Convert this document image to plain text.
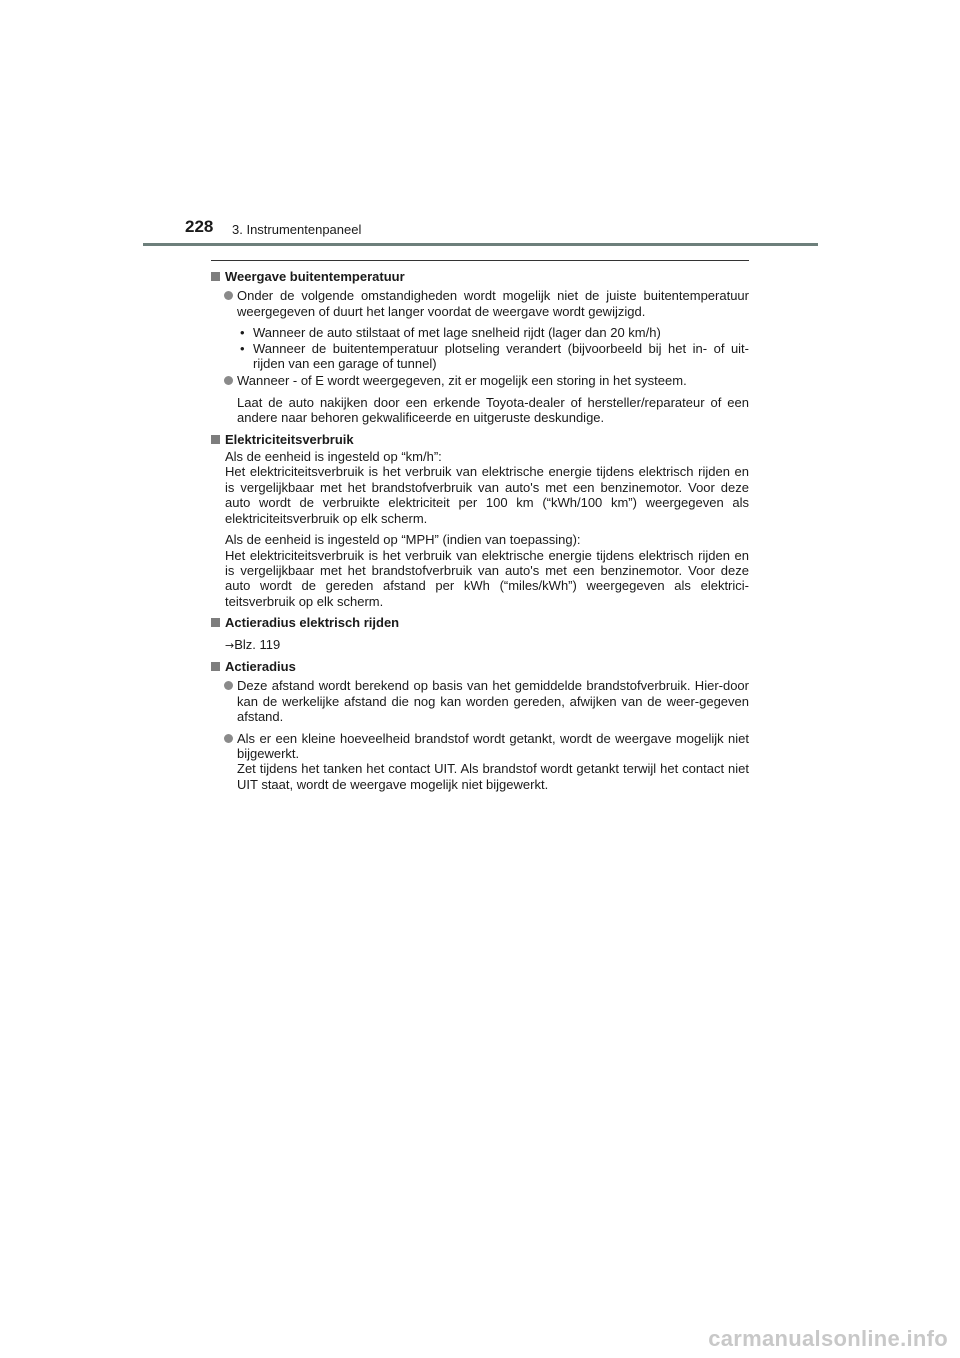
228 3. Instrumentenpaneel
Weergave buitentemperatuur
Onder de volgende omstandigheden wordt mogelijk niet de juiste buitentemperatuur weergegeven of duurt het langer voordat de weergave wordt gewijzigd.
• Wanneer de auto stilstaat of met lage snelheid rijdt (lager dan 20 km/h)
• Wanneer de buitentemperatuur plotseling verandert (bijvoorbeeld bij het in- of uit-rijden van een garage of tunnel)
Wanneer - of E wordt weergegeven, zit er mogelijk een storing in het systeem.
Laat de auto nakijken door een erkende Toyota-dealer of hersteller/reparateur of een andere naar behoren gekwalificeerde en uitgeruste deskundige.
Elektriciteitsverbruik
Als de eenheid is ingesteld op “km/h”:
Het elektriciteitsverbruik is het verbruik van elektrische energie tijdens elektrisch rijden en is vergelijkbaar met het brandstofverbruik van auto's met een benzinemotor. Voor deze auto wordt de verbruikte elektriciteit per 100 km (“kWh/100 km”) weergegeven als elektriciteitsverbruik op elk scherm.
Als de eenheid is ingesteld op “MPH” (indien van toepassing):
Het elektriciteitsverbruik is het verbruik van elektrische energie tijdens elektrisch rijden en is vergelijkbaar met het brandstofverbruik van auto's met een benzinemotor. Voor deze auto wordt de gereden afstand per kWh (“miles/kWh”) weergegeven als elektrici-teitsverbruik op elk scherm.
Actieradius elektrisch rijden
→Blz. 119
Actieradius
Deze afstand wordt berekend op basis van het gemiddelde brandstofverbruik. Hier-door kan de werkelijke afstand die nog kan worden gereden, afwijken van de weer-gegeven afstand.
Als er een kleine hoeveelheid brandstof wordt getankt, wordt de weergave mogelijk niet bijgewerkt.
Zet tijdens het tanken het contact UIT. Als brandstof wordt getankt terwijl het contact niet UIT staat, wordt de weergave mogelijk niet bijgewerkt.
carmanualsonline.info
